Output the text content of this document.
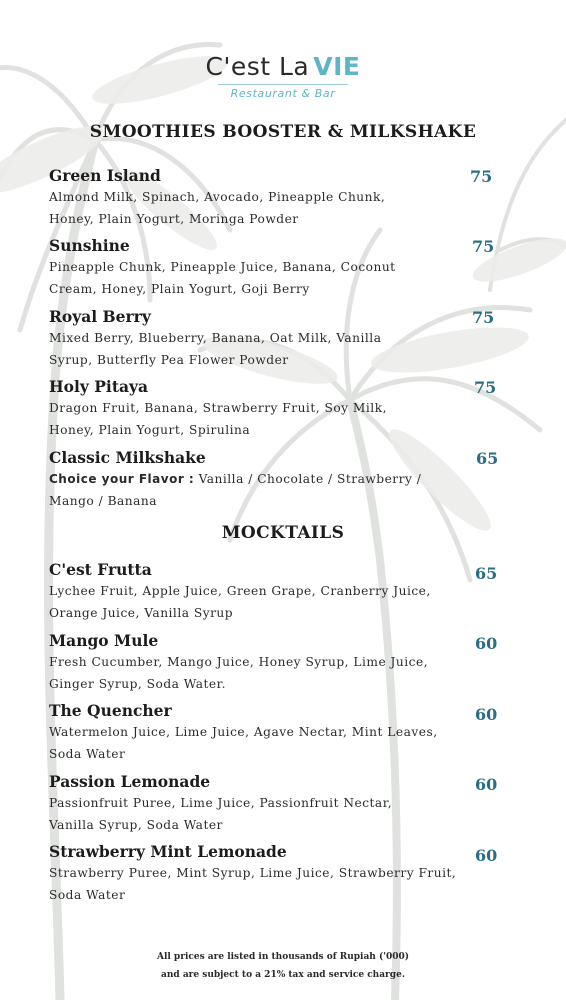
C'est La VIE
Restaurant & Bar
SMOOTHIES BOOSTER & MILKSHAKE
Green Island
Almond Milk, Spinach, Avocado, Pineapple Chunk,
Honey, Plain Yogurt, Moringa Powder
75
Sunshine
Pineapple Chunk, Pineapple Juice, Banana, Coconut
Cream, Honey, Plain Yogurt, Goji Berry
75
Royal Berry
Mixed Berry, Blueberry, Banana, Oat Milk, Vanilla
Syrup, Butterfly Pea Flower Powder
75
Holy Pitaya
Dragon Fruit, Banana, Strawberry Fruit, Soy Milk,
Honey, Plain Yogurt, Spirulina
75
Classic Milkshake
Choice your Flavor : Vanilla / Chocolate / Strawberry /
Mango / Banana
65
MOCKTAILS
C'est Frutta
Lychee Fruit, Apple Juice, Green Grape, Cranberry Juice,
Orange Juice, Vanilla Syrup
65
Mango Mule
Fresh Cucumber, Mango Juice, Honey Syrup, Lime Juice,
Ginger Syrup, Soda Water.
60
The Quencher
Watermelon Juice, Lime Juice, Agave Nectar, Mint Leaves,
Soda Water
60
Passion Lemonade
Passionfruit Puree, Lime Juice, Passionfruit Nectar,
Vanilla Syrup, Soda Water
60
Strawberry Mint Lemonade
Strawberry Puree, Mint Syrup, Lime Juice, Strawberry Fruit,
Soda Water
60
All prices are listed in thousands of Rupiah ('000)
and are subject to a 21% tax and service charge.
